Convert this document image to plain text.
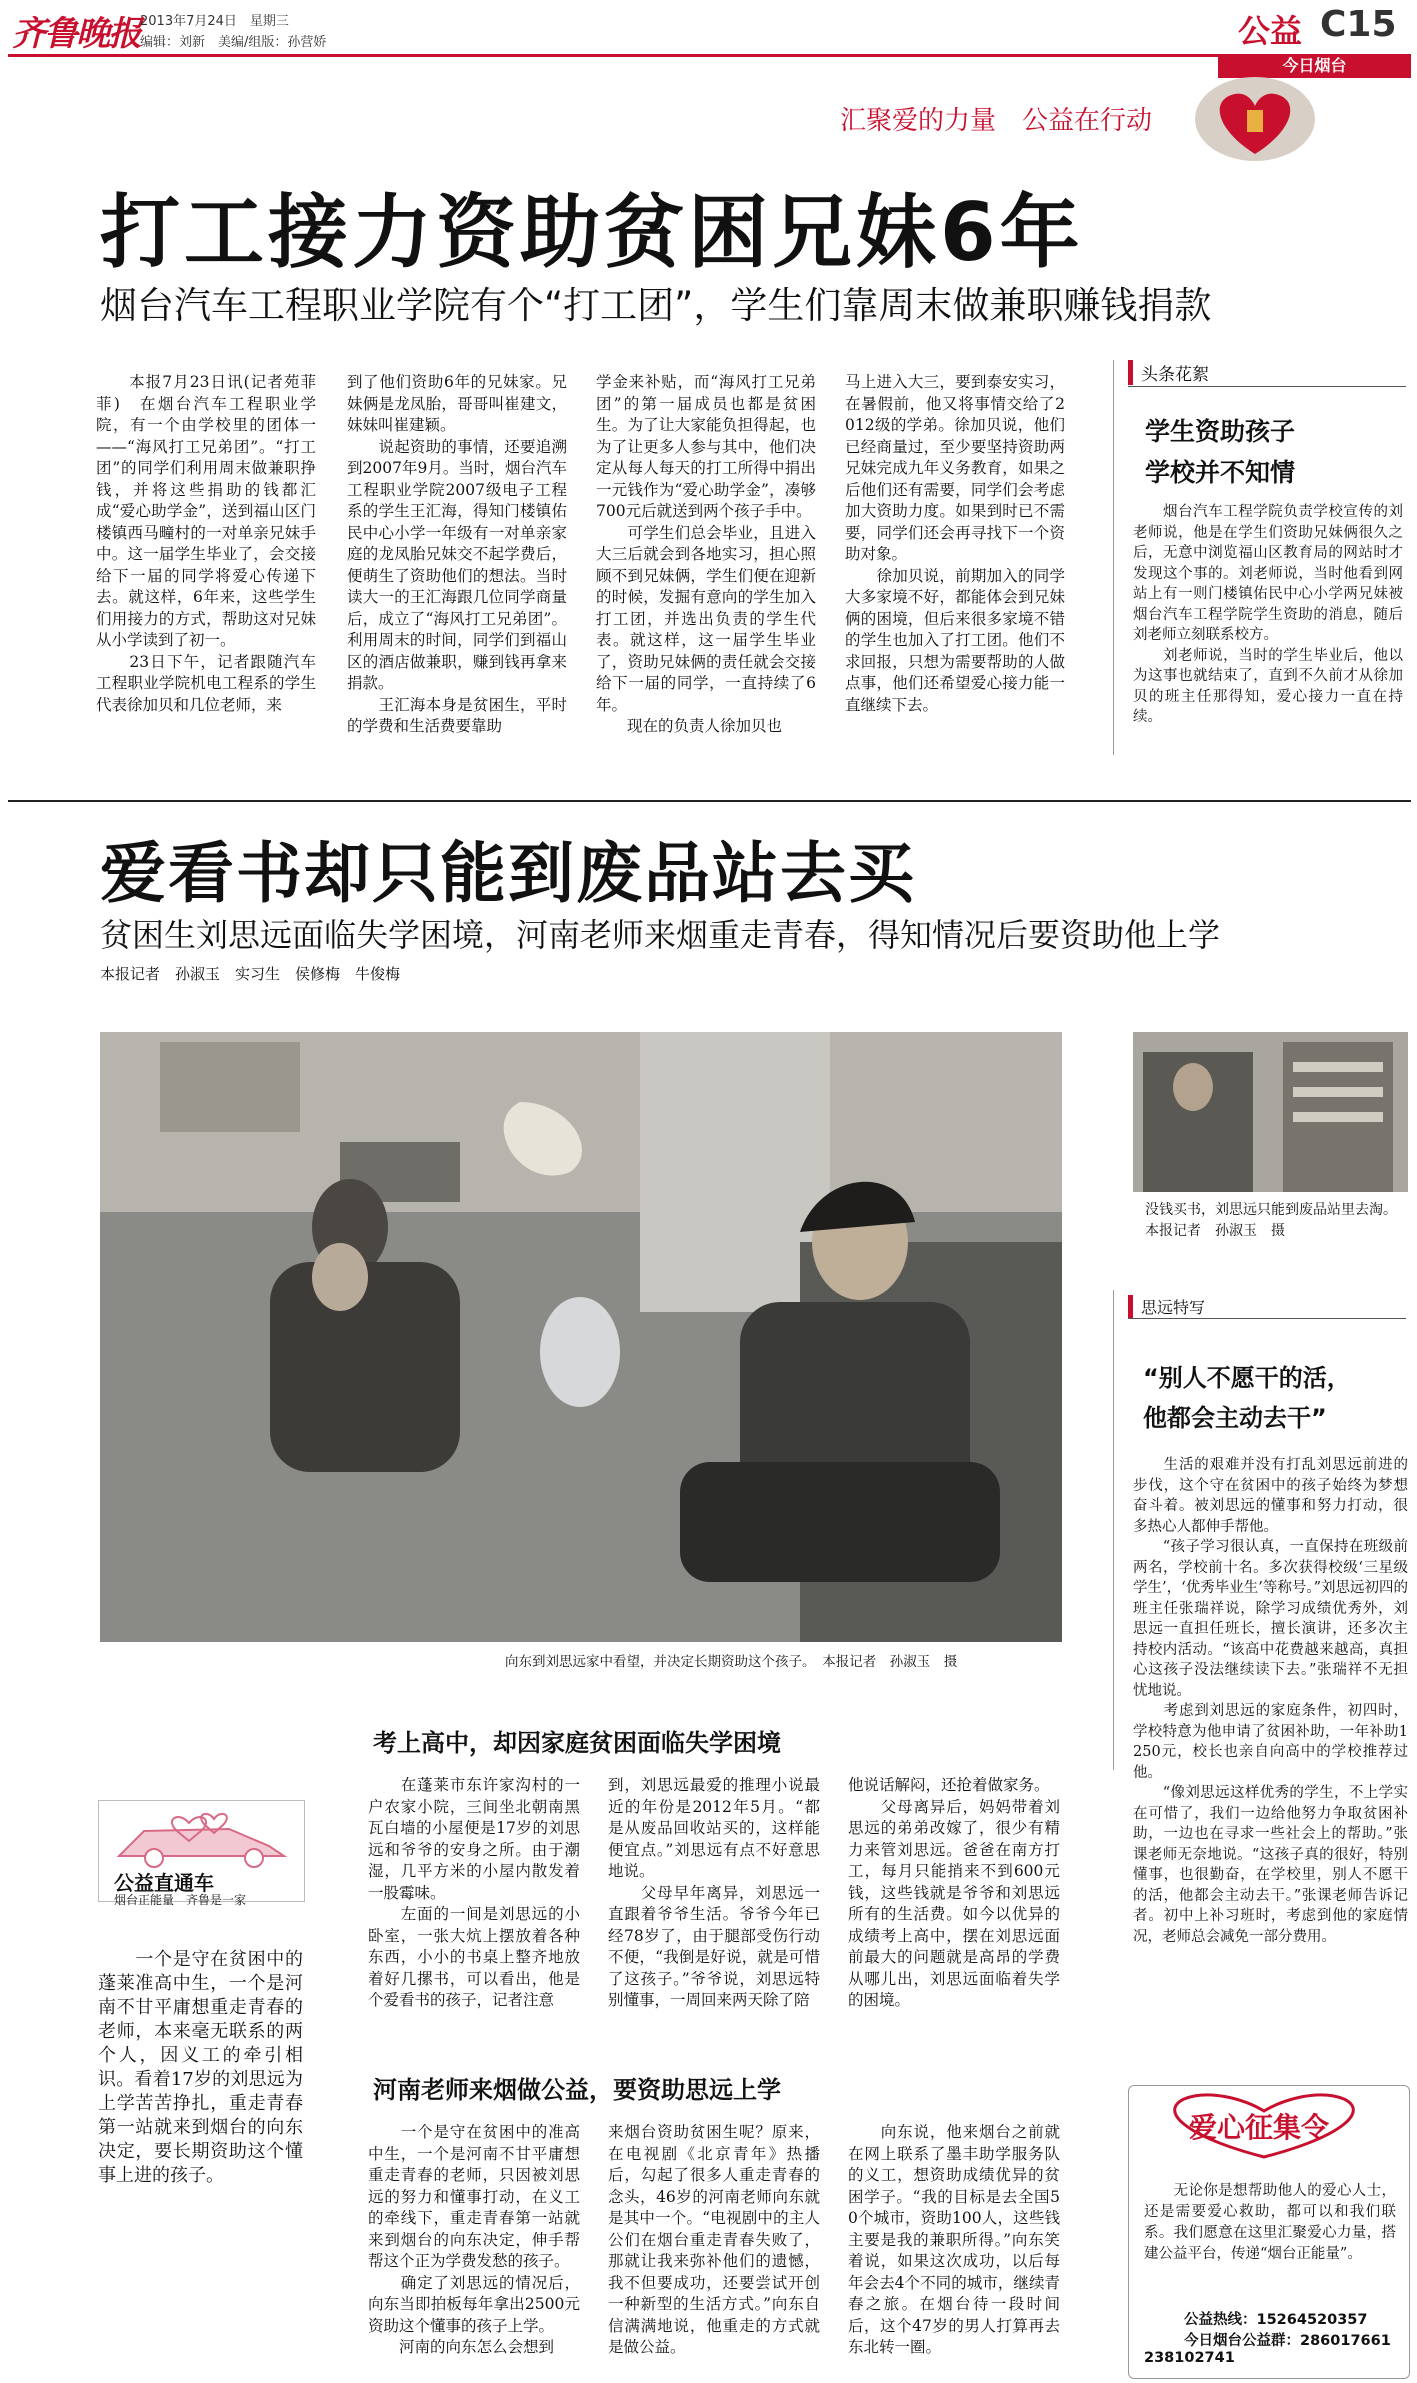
齐鲁晚报 2013年7月24日　 星期三
编辑：刘新　美编/组版：孙营娇	公益 C15
今日烟台
汇聚爱的力量　 公益在行动
打工接力资助贫困兄妹6年
烟台汽车工程职业学院有个“打工团”，学生们靠周末做兼职赚钱捐款
　　本报7月23日讯(记者苑菲菲)　在烟台汽车工程职业学院，有一个由学校里的团体一——“海风打工兄弟团”。“打工团”的同学们利用周末做兼职挣钱，并将这些捐助的钱都汇成“爱心助学金”，送到福山区门楼镇西马疃村的一对单亲兄妹手中。这一届学生毕业了，会交接给下一届的同学将爱心传递下去。就这样，6年来，这些学生们用接力的方式，帮助这对兄妹从小学读到了初一。
　　23日下午，记者跟随汽车工程职业学院机电工程系的学生代表徐加贝和几位老师，来
到了他们资助6年的兄妹家。兄妹俩是龙凤胎，哥哥叫崔建文，妹妹叫崔建颖。
　　说起资助的事情，还要追溯到2007年9月。当时，烟台汽车工程职业学院2007级电子工程系的学生王汇海，得知门楼镇佑民中心小学一年级有一对单亲家庭的龙凤胎兄妹交不起学费后，便萌生了资助他们的想法。当时读大一的王汇海跟几位同学商量后，成立了“海风打工兄弟团”。利用周末的时间，同学们到福山区的酒店做兼职，赚到钱再拿来捐款。
　　王汇海本身是贫困生，平时的学费和生活费要靠助
学金来补贴，而“海风打工兄弟团”的第一届成员也都是贫困生。为了让大家能负担得起，也为了让更多人参与其中，他们决定从每人每天的打工所得中捐出一元钱作为“爱心助学金”，凑够700元后就送到两个孩子手中。
　　可学生们总会毕业，且进入大三后就会到各地实习，担心照顾不到兄妹俩，学生们便在迎新的时候，发掘有意向的学生加入打工团，并选出负责的学生代表。就这样，这一届学生毕业了，资助兄妹俩的责任就会交接给下一届的同学，一直持续了6年。
　　现在的负责人徐加贝也
马上进入大三，要到泰安实习，在暑假前，他又将事情交给了2012级的学弟。徐加贝说，他们已经商量过，至少要坚持资助两兄妹完成九年义务教育，如果之后他们还有需要，同学们会考虑加大资助力度。如果到时已不需要，同学们还会再寻找下一个资助对象。
　　徐加贝说，前期加入的同学大多家境不好，都能体会到兄妹俩的困境，但后来很多家境不错的学生也加入了打工团。他们不求回报，只想为需要帮助的人做点事，他们还希望爱心接力能一直继续下去。
头条花絮
学生资助孩子
学校并不知情
　　烟台汽车工程学院负责学校宣传的刘老师说，他是在学生们资助兄妹俩很久之后，无意中浏览福山区教育局的网站时才发现这个事的。刘老师说，当时他看到网站上有一则门楼镇佑民中心小学两兄妹被烟台汽车工程学院学生资助的消息，随后刘老师立刻联系校方。
　　刘老师说，当时的学生毕业后，他以为这事也就结束了，直到不久前才从徐加贝的班主任那得知，爱心接力一直在持续。
爱看书却只能到废品站去买
贫困生刘思远面临失学困境，河南老师来烟重走青春，得知情况后要资助他上学
本报记者　孙淑玉　实习生　侯修梅　牛俊梅
向东到刘思远家中看望，并决定长期资助这个孩子。　本报记者　孙淑玉　摄
考上高中，却因家庭贫困面临失学困境
　　在蓬莱市东许家沟村的一户农家小院，三间坐北朝南黑瓦白墙的小屋便是17岁的刘思远和爷爷的安身之所。由于潮湿，几平方米的小屋内散发着一股霉味。
　　左面的一间是刘思远的小卧室，一张大炕上摆放着各种东西，小小的书桌上整齐地放着好几摞书，可以看出，他是个爱看书的孩子，记者注意
到，刘思远最爱的推理小说最近的年份是2012年5月。“都是从废品回收站买的，这样能便宜点。”刘思远有点不好意思地说。
　　父母早年离异，刘思远一直跟着爷爷生活。爷爷今年已经78岁了，由于腿部受伤行动不便，“我倒是好说，就是可惜了这孩子。”爷爷说，刘思远特别懂事，一周回来两天除了陪
他说话解闷，还抢着做家务。
　　父母离异后，妈妈带着刘思远的弟弟改嫁了，很少有精力来管刘思远。爸爸在南方打工，每月只能捎来不到600元钱，这些钱就是爷爷和刘思远所有的生活费。如今以优异的成绩考上高中，摆在刘思远面前最大的问题就是高昂的学费从哪儿出，刘思远面临着失学的困境。
河南老师来烟做公益，要资助思远上学
　　一个是守在贫困中的准高中生，一个是河南不甘平庸想重走青春的老师，只因被刘思远的努力和懂事打动，在义工的牵线下，重走青春第一站就来到烟台的向东决定，伸手帮帮这个正为学费发愁的孩子。
　　确定了刘思远的情况后，向东当即拍板每年拿出2500元资助这个懂事的孩子上学。
　　河南的向东怎么会想到
来烟台资助贫困生呢？原来，在电视剧《北京青年》热播后，勾起了很多人重走青春的念头，46岁的河南老师向东就是其中一个。“电视剧中的主人公们在烟台重走青春失败了，那就让我来弥补他们的遗憾，我不但要成功，还要尝试开创一种新型的生活方式。”向东自信满满地说，他重走的方式就是做公益。
　　向东说，他来烟台之前就在网上联系了墨丰助学服务队的义工，想资助成绩优异的贫困学子。“我的目标是去全国50个城市，资助100人，这些钱主要是我的兼职所得。”向东笑着说，如果这次成功，以后每年会去4个不同的城市，继续青春之旅。在烟台待一段时间后，这个47岁的男人打算再去东北转一圈。
公益直通车
烟台正能量　齐鲁是一家
　　一个是守在贫困中的蓬莱准高中生，一个是河南不甘平庸想重走青春的老师，本来毫无联系的两个人，因义工的牵引相识。看着17岁的刘思远为上学苦苦挣扎，重走青春第一站就来到烟台的向东决定，要长期资助这个懂事上进的孩子。
没钱买书，刘思远只能到废品站里去淘。　本报记者　孙淑玉　摄
思远特写
“别人不愿干的活，
他都会主动去干”
　　生活的艰难并没有打乱刘思远前进的步伐，这个守在贫困中的孩子始终为梦想奋斗着。被刘思远的懂事和努力打动，很多热心人都伸手帮他。
　　“孩子学习很认真，一直保持在班级前两名，学校前十名。多次获得校级‘三星级学生’，‘优秀毕业生’等称号。”刘思远初四的班主任张瑞祥说，除学习成绩优秀外，刘思远一直担任班长，擅长演讲，还多次主持校内活动。“该高中花费越来越高，真担心这孩子没法继续读下去。”张瑞祥不无担忧地说。
　　考虑到刘思远的家庭条件，初四时，学校特意为他申请了贫困补助，一年补助1250元，校长也亲自向高中的学校推荐过他。
　　“像刘思远这样优秀的学生，不上学实在可惜了，我们一边给他努力争取贫困补助，一边也在寻求一些社会上的帮助。”张课老师无奈地说。“这孩子真的很好，特别懂事，也很勤奋，在学校里，别人不愿干的活，他都会主动去干。”张课老师告诉记者。初中上补习班时，考虑到他的家庭情况，老师总会减免一部分费用。
爱心征集令
　　无论你是想帮助他人的爱心人士，还是需要爱心救助，都可以和我们联系。我们愿意在这里汇聚爱心力量，搭建公益平台，传递“烟台正能量”。
公益热线：15264520357
今日烟台公益群：286017661
238102741
